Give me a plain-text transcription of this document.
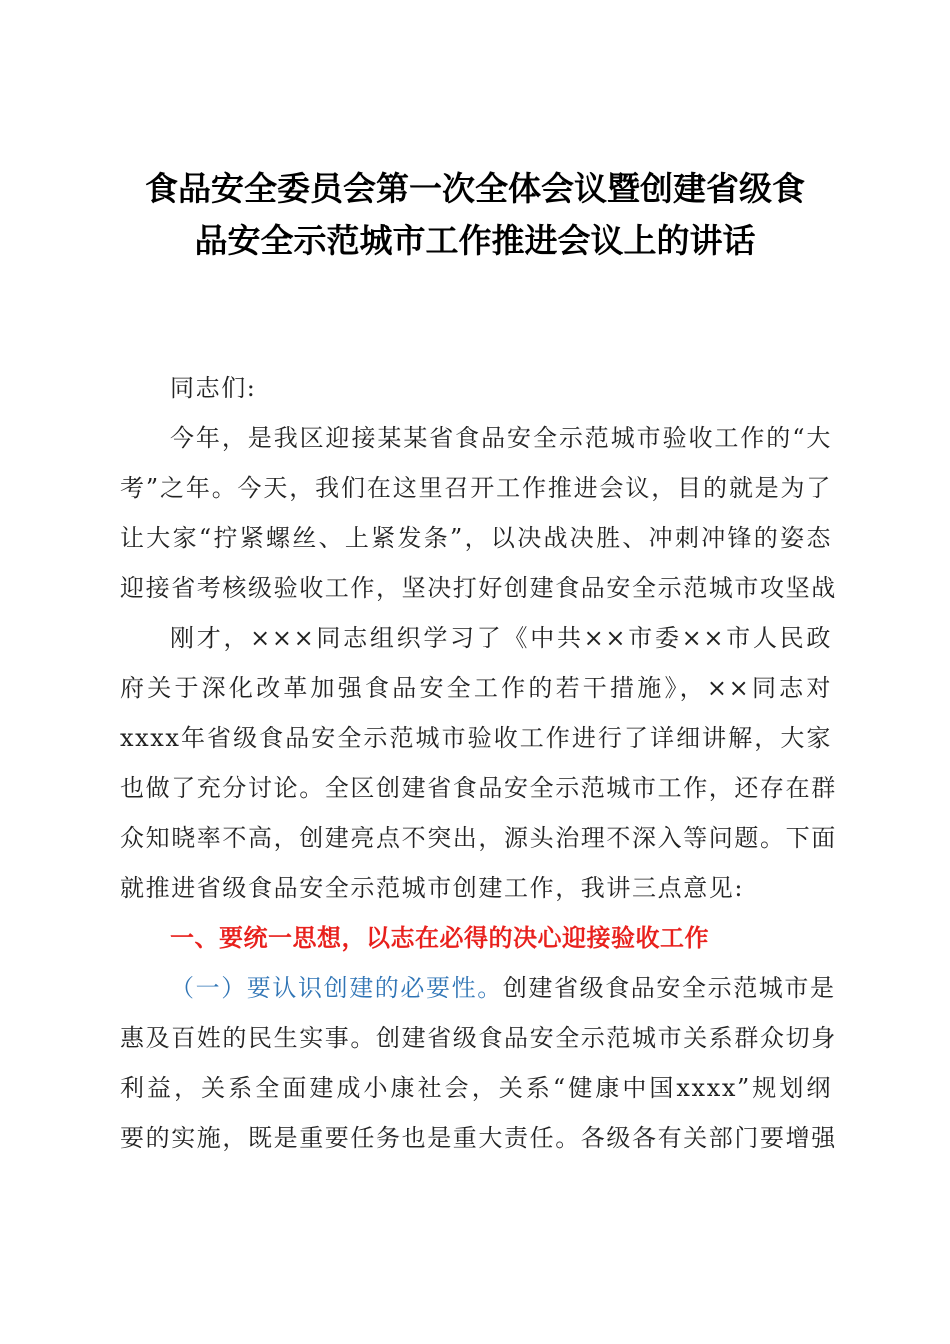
食品安全委员会第一次全体会议暨创建省级食
品安全示范城市工作推进会议上的讲话

同志们:

今年，是我区迎接某某省食品安全示范城市验收工作的“大
考”之年。今天，我们在这里召开工作推进会议，目的就是为了
让大家“拧紧螺丝、上紧发条”，以决战决胜、冲刺冲锋的姿态
迎接省考核级验收工作，坚决打好创建食品安全示范城市攻坚战

刚才，×××同志组织学习了《中共××市委××市人民政
府关于深化改革加强食品安全工作的若干措施》，××同志对
xxxx年省级食品安全示范城市验收工作进行了详细讲解，大家
也做了充分讨论。全区创建省食品安全示范城市工作，还存在群
众知晓率不高，创建亮点不突出，源头治理不深入等问题。下面
就推进省级食品安全示范城市创建工作，我讲三点意见:

一、要统一思想，以志在必得的决心迎接验收工作

（一）要认识创建的必要性。创建省级食品安全示范城市是
惠及百姓的民生实事。创建省级食品安全示范城市关系群众切身
利益，关系全面建成小康社会，关系“健康中国xxxx”规划纲
要的实施，既是重要任务也是重大责任。各级各有关部门要增强
